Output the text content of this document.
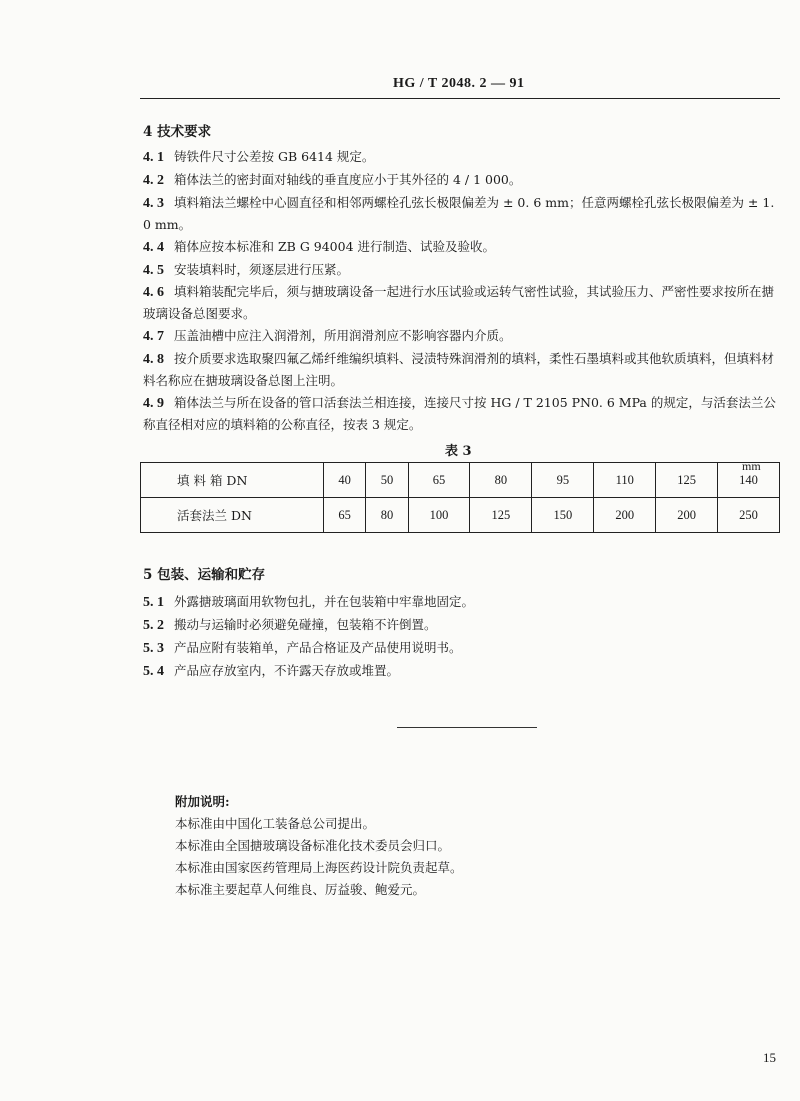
HG / T 2048. 2 — 91
4 技术要求
4. 1 铸铁件尺寸公差按 GB 6414 规定。
4. 2 箱体法兰的密封面对轴线的垂直度应小于其外径的 4 / 1 000。
4. 3 填料箱法兰螺栓中心圆直径和相邻两螺栓孔弦长极限偏差为 ± 0. 6 mm；任意两螺栓孔弦长极限偏差为 ± 1. 0 mm。
4. 4 箱体应按本标准和 ZB G 94004 进行制造、试验及验收。
4. 5 安装填料时，须逐层进行压紧。
4. 6 填料箱装配完毕后，须与搪玻璃设备一起进行水压试验或运转气密性试验，其试验压力、严密性要求按所在搪玻璃设备总图要求。
4. 7 压盖油槽中应注入润滑剂，所用润滑剂应不影响容器内介质。
4. 8 按介质要求选取聚四氟乙烯纤维编织填料、浸渍特殊润滑剂的填料，柔性石墨填料或其他软质填料，但填料材料名称应在搪玻璃设备总图上注明。
4. 9 箱体法兰与所在设备的管口活套法兰相连接，连接尺寸按 HG / T 2105 PN0. 6 MPa 的规定，与活套法兰公称直径相对应的填料箱的公称直径，按表 3 规定。
表 3
mm
填 料 箱 DN	40	50	65	80	95	110	125	140
活套法兰 DN	65	80	100	125	150	200	200	250
5 包装、运输和贮存
5. 1 外露搪玻璃面用软物包扎，并在包装箱中牢靠地固定。
5. 2 搬动与运输时必须避免碰撞，包装箱不许倒置。
5. 3 产品应附有装箱单，产品合格证及产品使用说明书。
5. 4 产品应存放室内，不许露天存放或堆置。
附加说明:
本标准由中国化工装备总公司提出。
本标准由全国搪玻璃设备标准化技术委员会归口。
本标准由国家医药管理局上海医药设计院负责起草。
本标准主要起草人何维良、厉益骏、鲍爱元。
15
